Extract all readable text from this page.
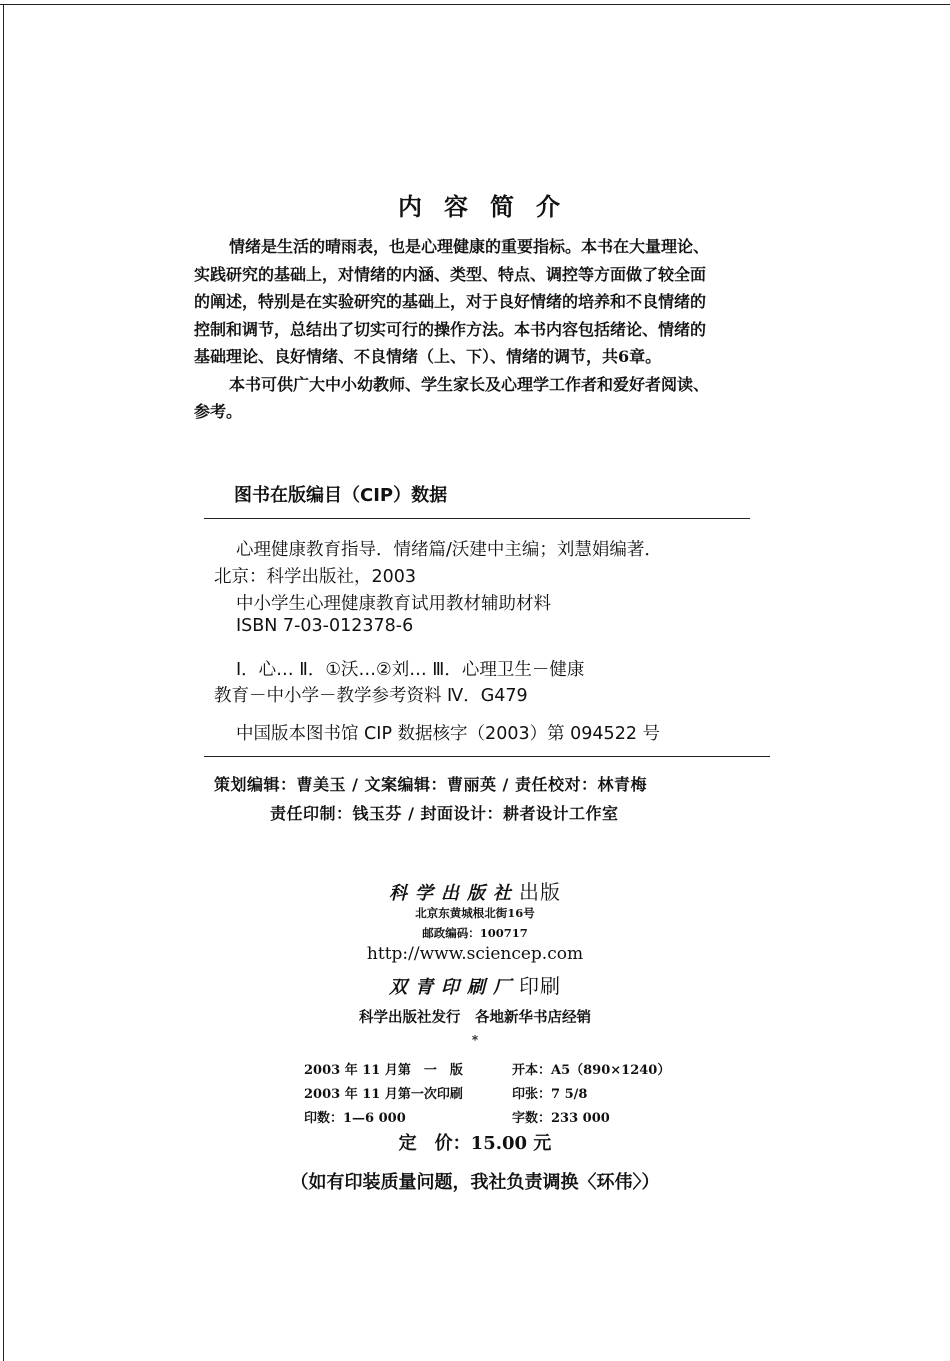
内容简介
情绪是生活的晴雨表，也是心理健康的重要指标。本书在大量理论、
实践研究的基础上，对情绪的内涵、类型、特点、调控等方面做了较全面
的阐述，特别是在实验研究的基础上，对于良好情绪的培养和不良情绪的
控制和调节，总结出了切实可行的操作方法。本书内容包括绪论、情绪的
基础理论、良好情绪、不良情绪（上、下）、情绪的调节，共6章。
本书可供广大中小幼教师、学生家长及心理学工作者和爱好者阅读、
参考。
图书在版编目（CIP）数据
心理健康教育指导．情绪篇/沃建中主编；刘慧娟编著．
北京：科学出版社，2003
中小学生心理健康教育试用教材辅助材料
ISBN 7-03-012378-6
Ⅰ．心… Ⅱ．①沃…②刘… Ⅲ．心理卫生－健康
教育－中小学－教学参考资料 Ⅳ．G479
中国版本图书馆 CIP 数据核字（2003）第 094522 号
策划编辑：曹美玉 / 文案编辑：曹丽英 / 责任校对：林青梅
责任印制：钱玉芬 / 封面设计：耕者设计工作室
科学出版社出版
北京东黄城根北街16号
邮政编码：100717
http://www.sciencep.com
双青印刷厂印刷
科学出版社发行　各地新华书店经销
*
2003 年 11 月第　一　版	开本：A5（890×1240）
2003 年 11 月第一次印刷	印张：7 5/8
印数：1—6 000	字数：233 000
定　价：15.00 元
（如有印装质量问题，我社负责调换〈环伟〉）
